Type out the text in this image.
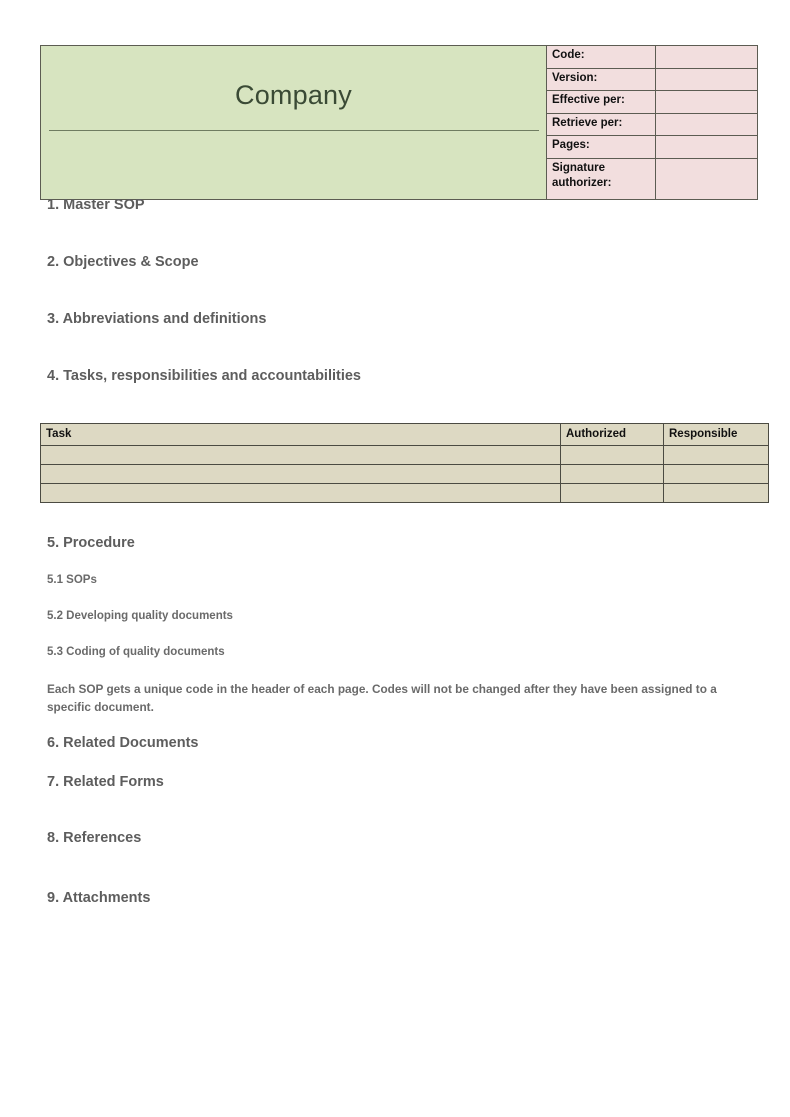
Company	Code:	
	Version:	
	Effective per:	
	Retrieve per:	
	Pages:	
	Signature authorizer:	
1. Master SOP
2. Objectives & Scope
3. Abbreviations and definitions
4. Tasks, responsibilities and accountabilities
Task	Authorized	Responsible

5. Procedure
5.1 SOPs
5.2 Developing quality documents
5.3 Coding of quality documents
Each SOP gets a unique code in the header of each page. Codes will not be changed after they have been assigned to a specific document.
6. Related Documents
7. Related Forms
8. References
9. Attachments
